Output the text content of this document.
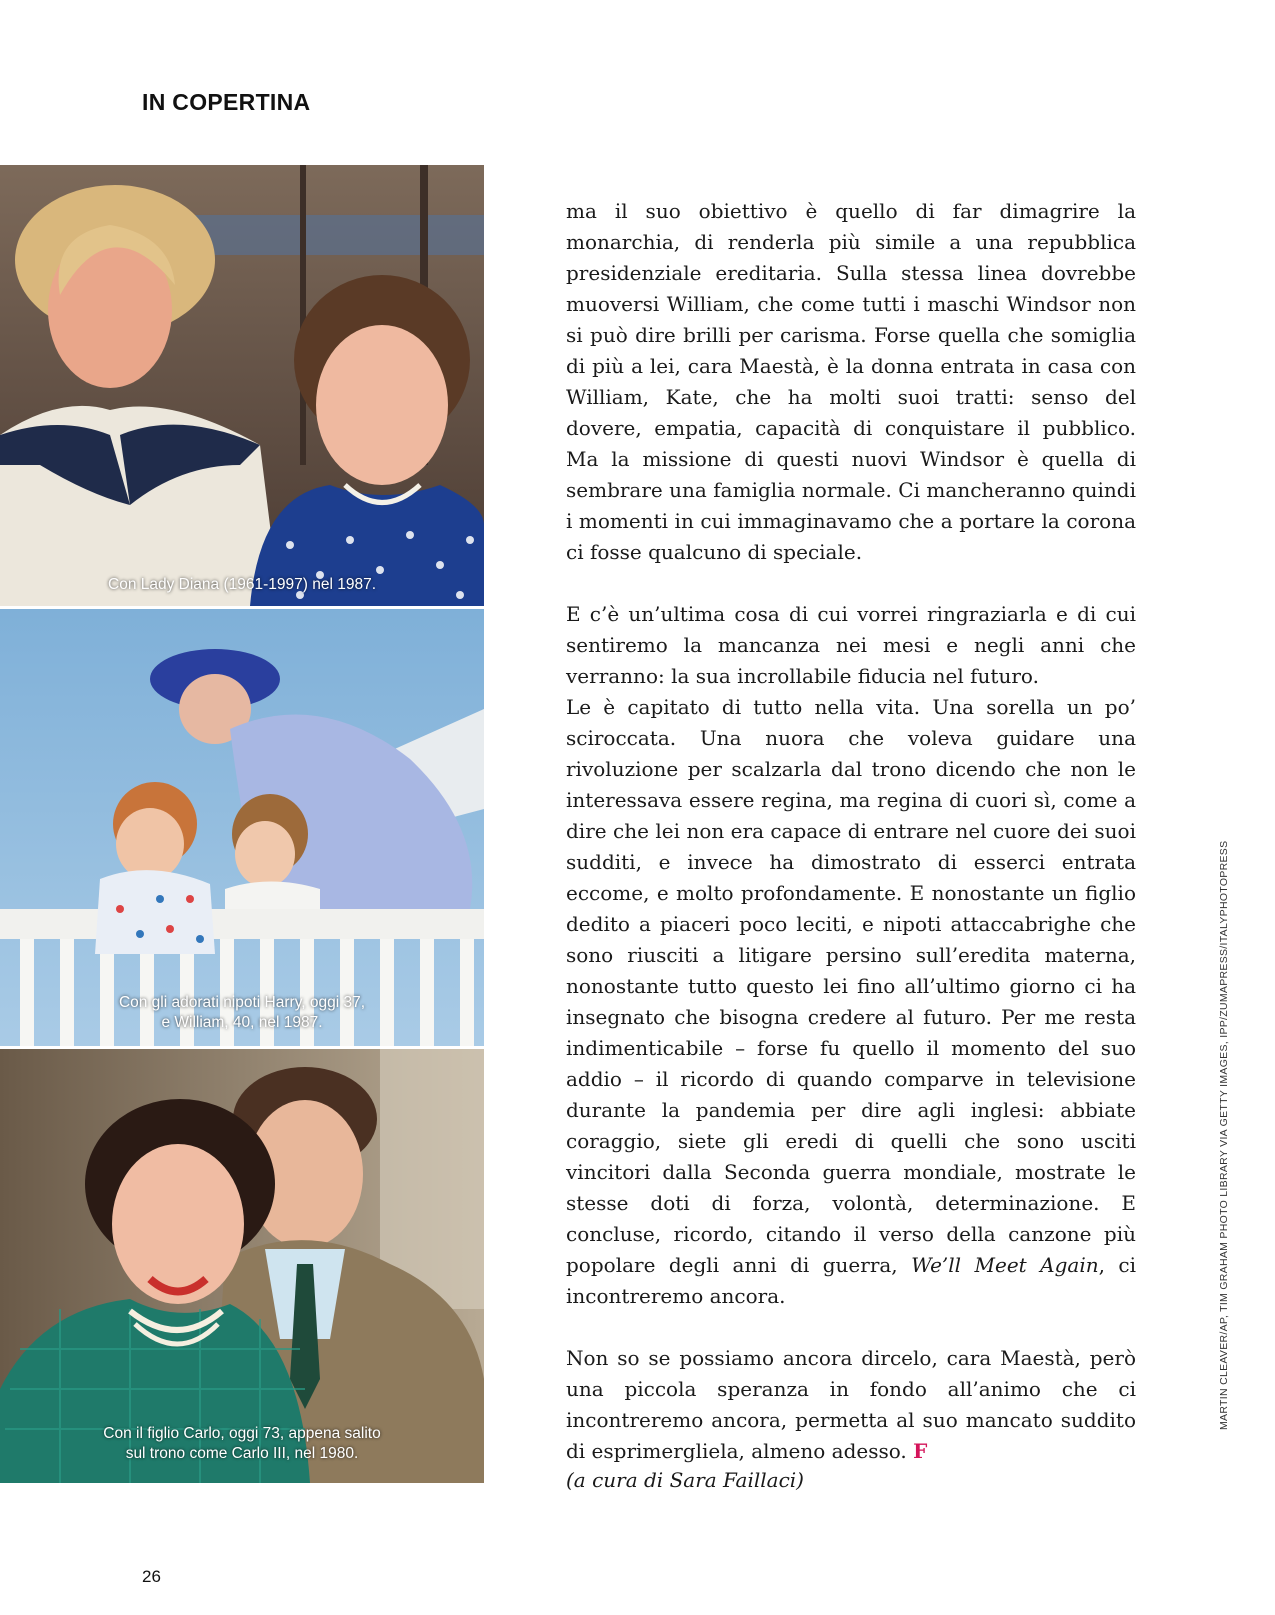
IN COPERTINA
Con Lady Diana (1961-1997) nel 1987.
Con gli adorati nipoti Harry, oggi 37,
e William, 40, nel 1987.
Con il figlio Carlo, oggi 73, appena salito
sul trono come Carlo III, nel 1980.

ma il suo obiettivo è quello di far dimagrire la monarchia, di renderla più simile a una repubblica presidenziale ereditaria. Sulla stessa linea dovrebbe muoversi William, che come tutti i maschi Windsor non si può dire brilli per carisma. Forse quella che somiglia di più a lei, cara Maestà, è la donna entrata in casa con William, Kate, che ha molti suoi tratti: senso del dovere, empatia, capacità di conquistare il pubblico. Ma la missione di questi nuovi Windsor è quella di sembrare una famiglia normale. Ci mancheranno quindi i momenti in cui immaginavamo che a portare la corona ci fosse qualcuno di speciale.

E c’è un’ultima cosa di cui vorrei ringraziarla e di cui sentiremo la mancanza nei mesi e negli anni che verranno: la sua incrollabile fiducia nel futuro.

Le è capitato di tutto nella vita. Una sorella un po’ sciroccata. Una nuora che voleva guidare una rivoluzione per scalzarla dal trono dicendo che non le interessava essere regina, ma regina di cuori sì, come a dire che lei non era capace di entrare nel cuore dei suoi sudditi, e invece ha dimostrato di esserci entrata eccome, e molto profondamente. E nonostante un figlio dedito a piaceri poco leciti, e nipoti attaccabrighe che sono riusciti a litigare persino sull’eredita materna, nonostante tutto questo lei fino all’ultimo giorno ci ha insegnato che bisogna credere al futuro. Per me resta indimenticabile – forse fu quello il momento del suo addio – il ricordo di quando comparve in televisione durante la pandemia per dire agli inglesi: abbiate coraggio, siete gli eredi di quelli che sono usciti vincitori dalla Seconda guerra mondiale, mostrate le stesse doti di forza, volontà, determinazione. E concluse, ricordo, citando il verso della canzone più popolare degli anni di guerra, We’ll Meet Again, ci incontreremo ancora.

Non so se possiamo ancora dircelo, cara Maestà, però una piccola speranza in fondo all’animo che ci incontreremo ancora, permetta al suo mancato suddito di esprimergliela, almeno adesso. F

(a cura di Sara Faillaci)
MARTIN CLEAVER/AP, TIM GRAHAM PHOTO LIBRARY VIA GETTY IMAGES, IPP/ZUMAPRESS/ITALYPHOTOPRESS
26
